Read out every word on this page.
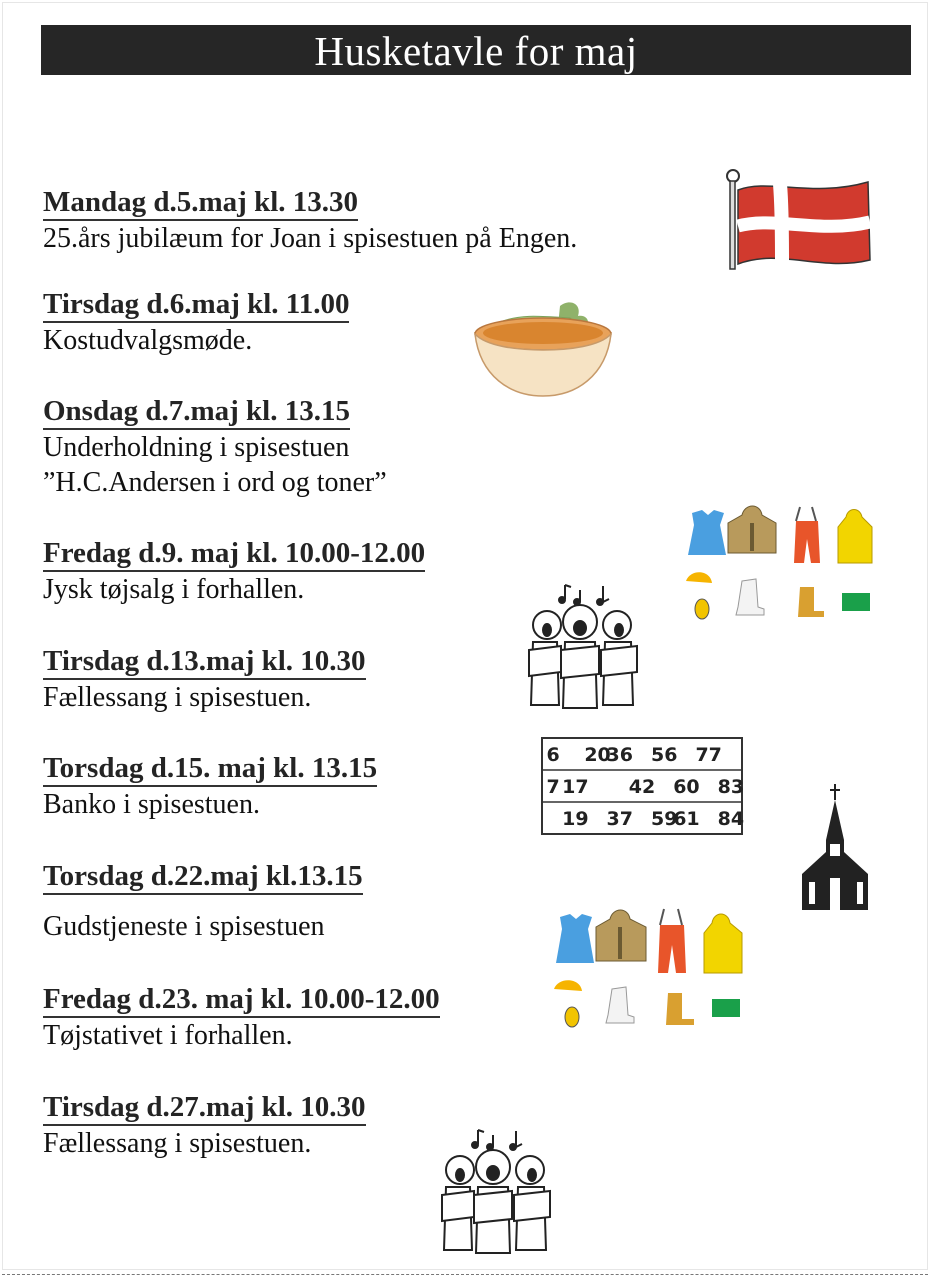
Husketavle for maj
Mandag d.5.maj kl. 13.30
25.års jubilæum for Joan i spisestuen på Engen.
Tirsdag d.6.maj kl. 11.00
Kostudvalgsmøde.
Onsdag d.7.maj kl. 13.15
Underholdning i spisestuen
”H.C.Andersen i ord og toner”
Fredag d.9. maj kl. 10.00-12.00
Jysk tøjsalg i forhallen.
Tirsdag d.13.maj kl. 10.30
Fællessang i spisestuen.
Torsdag d.15. maj kl. 13.15
Banko i spisestuen.
Torsdag d.22.maj kl.13.15
Gudstjeneste i spisestuen
Fredag d.23. maj kl. 10.00-12.00
Tøjstativet i forhallen.
Tirsdag d.27.maj kl. 10.30
Fællessang i spisestuen.
6 20
36 56 77
7 17 42 60 83
19 37 59
61 84
